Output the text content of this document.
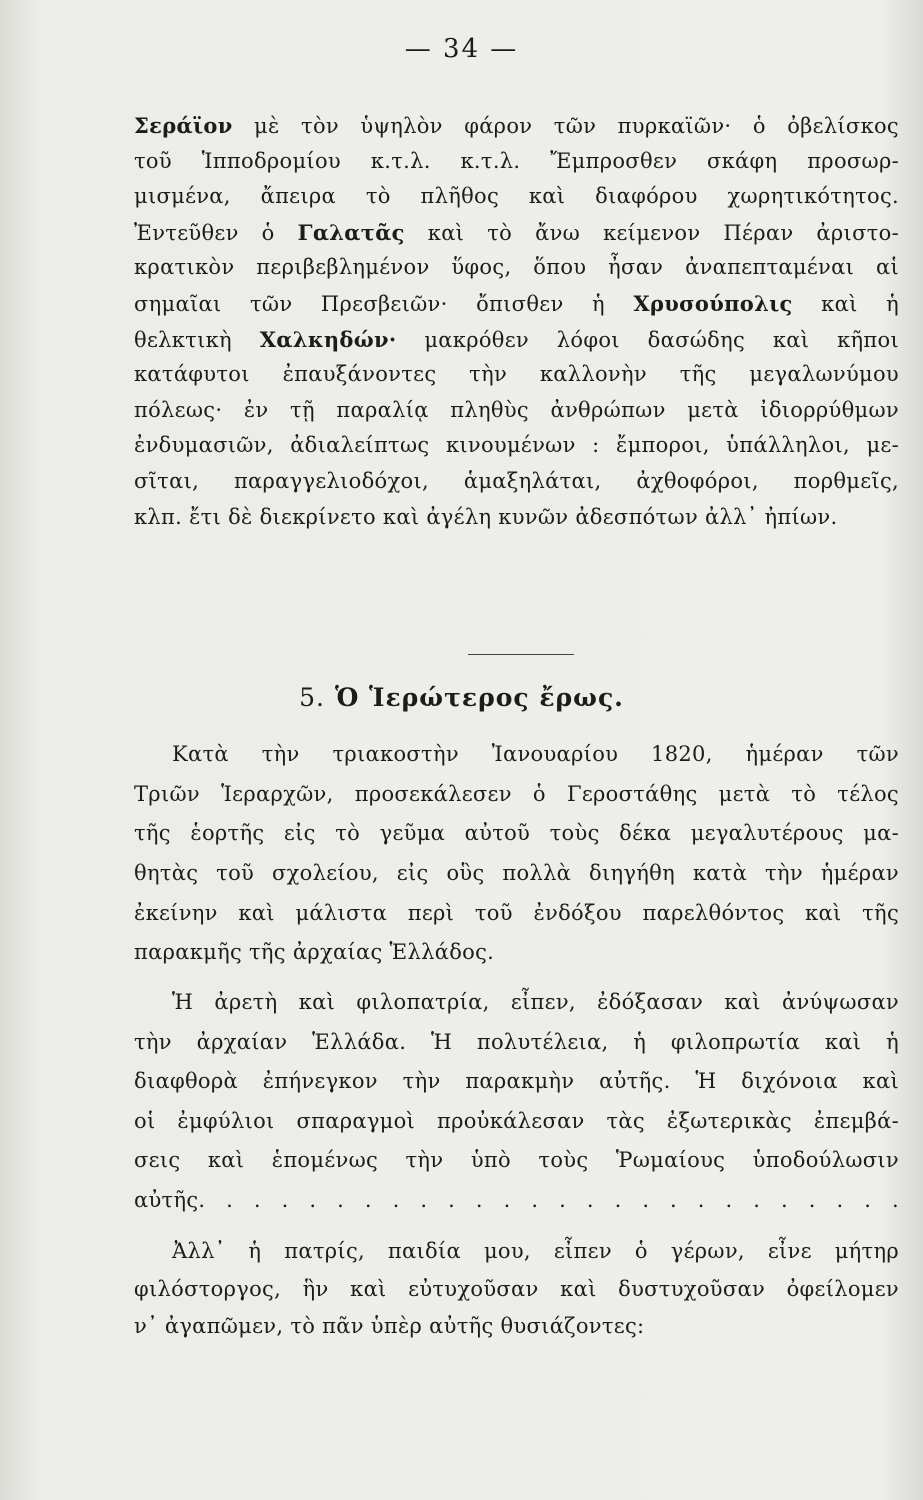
— 34 —
Σεράϊον μὲ τὸν ὑψηλὸν φάρον τῶν πυρκαϊῶν· ὁ ὀβελίσκος
τοῦ Ἱπποδρομίου κ.τ.λ. κ.τ.λ. Ἔμπροσθεν σκάφη προσωρ-
μισμένα, ἄπειρα τὸ πλῆθος καὶ διαφόρου χωρητικότητος.
Ἐντεῦθεν ὁ Γαλατᾶς καὶ τὸ ἄνω κείμενον Πέραν ἀριστο-
κρατικὸν περιβεβλημένον ὕφος, ὅπου ἦσαν ἀναπεπταμέναι αἱ
σημαῖαι τῶν Πρεσβειῶν· ὄπισθεν ἡ Χρυσούπολις καὶ ἡ
θελκτικὴ Χαλκηδών· μακρόθεν λόφοι δασώδης καὶ κῆποι
κατάφυτοι ἐπαυξάνοντες τὴν καλλονὴν τῆς μεγαλωνύμου
πόλεως· ἐν τῇ παραλίᾳ πληθὺς ἀνθρώπων μετὰ ἰδιορρύθμων
ἐνδυμασιῶν, ἀδιαλείπτως κινουμένων : ἔμποροι, ὑπάλληλοι, με-
σῖται, παραγγελιοδόχοι, ἁμαξηλάται, ἀχθοφόροι, πορθμεῖς,
κλπ. ἔτι δὲ διεκρίνετο καὶ ἀγέλη κυνῶν ἀδεσπότων ἀλλ᾽ ἠπίων.
5. Ὁ Ἱερώτερος ἔρως.
Κατὰ τὴν τριακοστὴν Ἰανουαρίου 1820, ἡμέραν τῶν
Τριῶν Ἱεραρχῶν, προσεκάλεσεν ὁ Γεροστάθης μετὰ τὸ τέλος
τῆς ἑορτῆς εἰς τὸ γεῦμα αὐτοῦ τοὺς δέκα μεγαλυτέρους μα-
θητὰς τοῦ σχολείου, εἰς οὓς πολλὰ διηγήθη κατὰ τὴν ἡμέραν
ἐκείνην καὶ μάλιστα περὶ τοῦ ἐνδόξου παρελθόντος καὶ τῆς
παρακμῆς τῆς ἀρχαίας Ἑλλάδος.
Ἡ ἀρετὴ καὶ φιλοπατρία, εἶπεν, ἐδόξασαν καὶ ἀνύψωσαν
τὴν ἀρχαίαν Ἑλλάδα. Ἡ πολυτέλεια, ἡ φιλοπρωτία καὶ ἡ
διαφθορὰ ἐπήνεγκον τὴν παρακμὴν αὐτῆς. Ἡ διχόνοια καὶ
οἱ ἐμφύλιοι σπαραγμοὶ προὐκάλεσαν τὰς ἐξωτερικὰς ἐπεμβά-
σεις καὶ ἑπομένως τὴν ὑπὸ τοὺς Ῥωμαίους ὑποδούλωσιν
αὐτῆς. . . . . . . . . . . . . . . . . . . . . . . . . .
Ἀλλ᾽ ἡ πατρίς, παιδία μου, εἶπεν ὁ γέρων, εἶνε μήτηρ
φιλόστοργος, ἣν καὶ εὐτυχοῦσαν καὶ δυστυχοῦσαν ὀφείλομεν
ν᾽ ἀγαπῶμεν, τὸ πᾶν ὑπὲρ αὐτῆς θυσιάζοντες:
